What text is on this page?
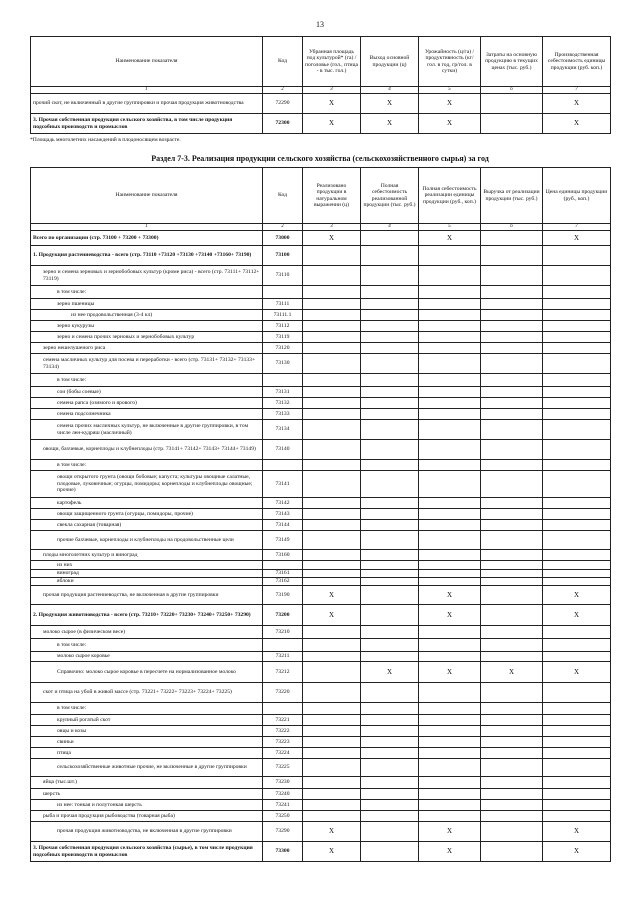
13
Наименование показателя	Код	Убранная площадь под культурой* (га) / поголовье (гол., птица - в тыс. гол.)	Выход основной продукции (ц)	Урожайность (ц/га) / продуктивность (кг/гол. в год, гр/гол. в сутки)	Затраты на основную продукцию в текущих ценах (тыс. руб.)	Производственная себестоимость единицы продукции (руб. коп.)
1	2	3	4	5	6	7
прочий скот, не включенный в другие группировки и прочая продукция животноводства	72290	X	X	X		X
3. Прочая собственная продукция сельского хозяйства, в том числе продукция подсобных производств и промыслов	72300	X	X	X		X
*Площадь многолетних насаждений в плодоносящем возрасте.
Раздел 7-3. Реализация продукции сельского хозяйства (сельскохозяйственного сырья) за год
Наименование показателя	Код	Реализовано продукции в натуральном выражении (ц)	Полная себестоимость реализованной продукции (тыс. руб.)	Полная себестоимость реализации единицы продукции (руб., коп.)	Выручка от реализации продукции (тыс. руб.)	Цена единицы продукции (руб., коп.)
1	2	3	4	5	6	7
Всего по организации (стр. 73100 + 73200 + 73300)	73000	X		X		X
1. Продукция растениеводства - всего (стр. 73110 +73120 +73130 +73140 +73160+ 73190)	73100					
зерно и семена зерновых и зернобобовых культур (кроме риса) - всего (стр. 73111+ 73112+ 73119)	73110					
в том числе:						
зерно пшеницы	73111					
из нее продовольственная (3-4 кл)	73111.1					
зерно кукурузы	73112					
зерно и семена прочих зерновых и зернобобовых культур	73119					
зерно нешелушеного риса	73120					
семена масличных культур для посева и переработки - всего (стр. 73131+ 73132+ 73133+ 73134)	73130					
в том числе:						
сои (бобы соевые)	73131					
семена рапса (озимого и ярового)	73132					
семена подсолнечника	73133					
семена прочих масличных культур, не включенные в другие группировки, в том числе лен-кудряш (масличный)	73134					
овощи, бахчевые, корнеплоды и клубнеплоды (стр. 73141+ 73142+ 73143+ 73144+ 73149)	73140					
в том числе:						
овощи открытого грунта (овощи бобовые; капуста; культуры овощные салатные, плодовые, луковичные; огурцы, помидоры; корнеплоды и клубнеплоды овощные; прочие)	73141					
картофель	73142					
овощи защищенного грунта (огурцы, помидоры, прочие)	73143					
свекла сахарная (товарная)	73144					
прочие бахчевые, корнеплоды и клубнеплоды на продовольственные цели	73149					
плоды многолетних культур и виноград	73160					
из них						
виноград	73161					
яблоки	73162					
прочая продукция растениеводства, не включенная в другие группировки	73190	X		X		X
2. Продукция животноводства - всего (стр. 73210+ 73220+ 73230+ 73240+ 73250+ 73290)	73200	X		X		X
молоко сырое (в физическом весе)	73210					
в том числе:						
молоко сырое коровье	73211					
Справочно: молоко сырое коровье в пересчете на нормализованное молоко	73212		X	X	X	X
скот и птица на убой в живой массе (стр. 73221+ 73222+ 73223+ 73224+ 73225)	73220					
в том числе:						
крупный рогатый скот	73221					
овцы и козы	73222					
свиньи	73223					
птица	73224					
сельскохозяйственные животные прочие, не включенные в другие группировки	73225					
яйца (тыс.шт.)	73230					
шерсть	73240					
из нее: тонкая и полутонкая шерсть	73241					
рыба и прочая продукция рыбоводства (товарная рыба)	73250					
прочая продукция животноводства, не включенная в другие группировки	73290	X		X		X
3. Прочая собственная продукция сельского хозяйства (сырье), в том числе продукция подсобных производств и промыслов	73300	X		X		X
